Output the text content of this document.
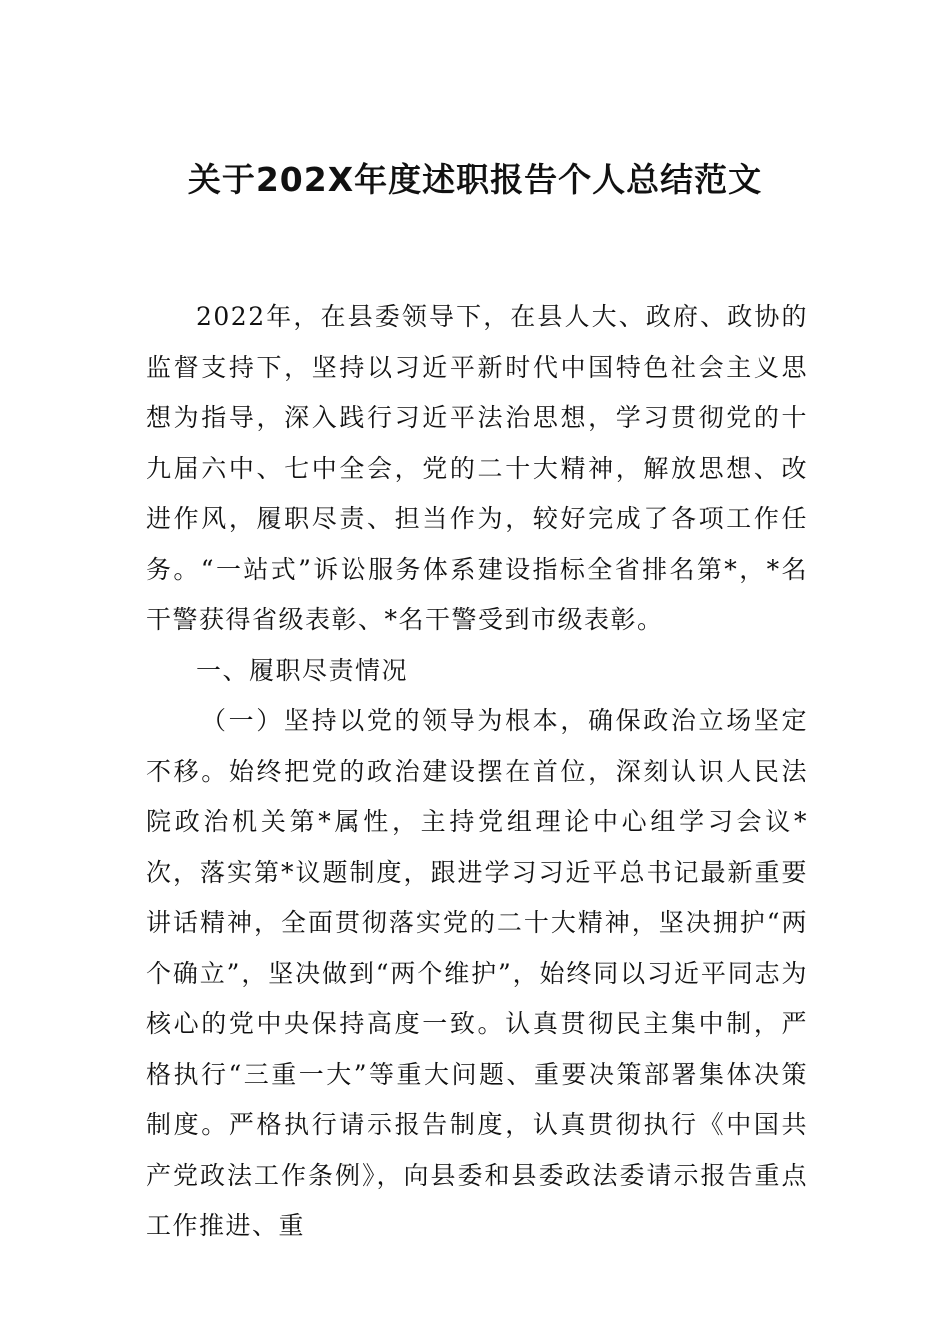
关于202X年度述职报告个人总结范文

2022年，在县委领导下，在县人大、政府、政协的监督支持下，坚持以习近平新时代中国特色社会主义思想为指导，深入践行习近平法治思想，学习贯彻党的十九届六中、七中全会，党的二十大精神，解放思想、改进作风，履职尽责、担当作为，较好完成了各项工作任务。“一站式”诉讼服务体系建设指标全省排名第*，*名干警获得省级表彰、*名干警受到市级表彰。

一、履职尽责情况

（一）坚持以党的领导为根本，确保政治立场坚定不移。始终把党的政治建设摆在首位，深刻认识人民法院政治机关第*属性，主持党组理论中心组学习会议*次，落实第*议题制度，跟进学习习近平总书记最新重要讲话精神，全面贯彻落实党的二十大精神，坚决拥护“两个确立”，坚决做到“两个维护”，始终同以习近平同志为核心的党中央保持高度一致。认真贯彻民主集中制，严格执行“三重一大”等重大问题、重要决策部署集体决策制度。严格执行请示报告制度，认真贯彻执行《中国共产党政法工作条例》，向县委和县委政法委请示报告重点工作推进、重
